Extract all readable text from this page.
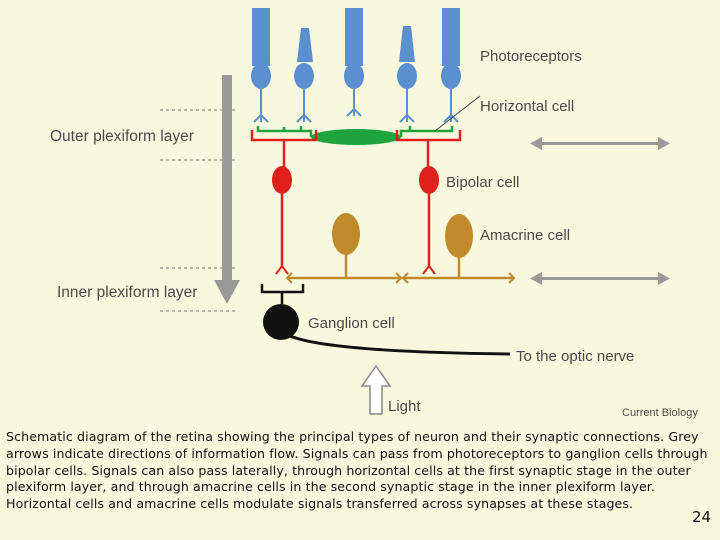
Photoreceptors
Horizontal cell
Outer plexiform layer
Bipolar cell
Amacrine cell
Inner plexiform layer
Ganglion cell
To the optic nerve
Light	Current Biology

Schematic diagram of the retina showing the principal types of neuron and their synaptic connections. Grey arrows indicate directions of information flow. Signals can pass from photoreceptors to ganglion cells through bipolar cells. Signals can also pass laterally, through horizontal cells at the first synaptic stage in the outer plexiform layer, and through amacrine cells in the second synaptic stage in the inner plexiform layer. Horizontal cells and amacrine cells modulate signals transferred across synapses at these stages.

24
